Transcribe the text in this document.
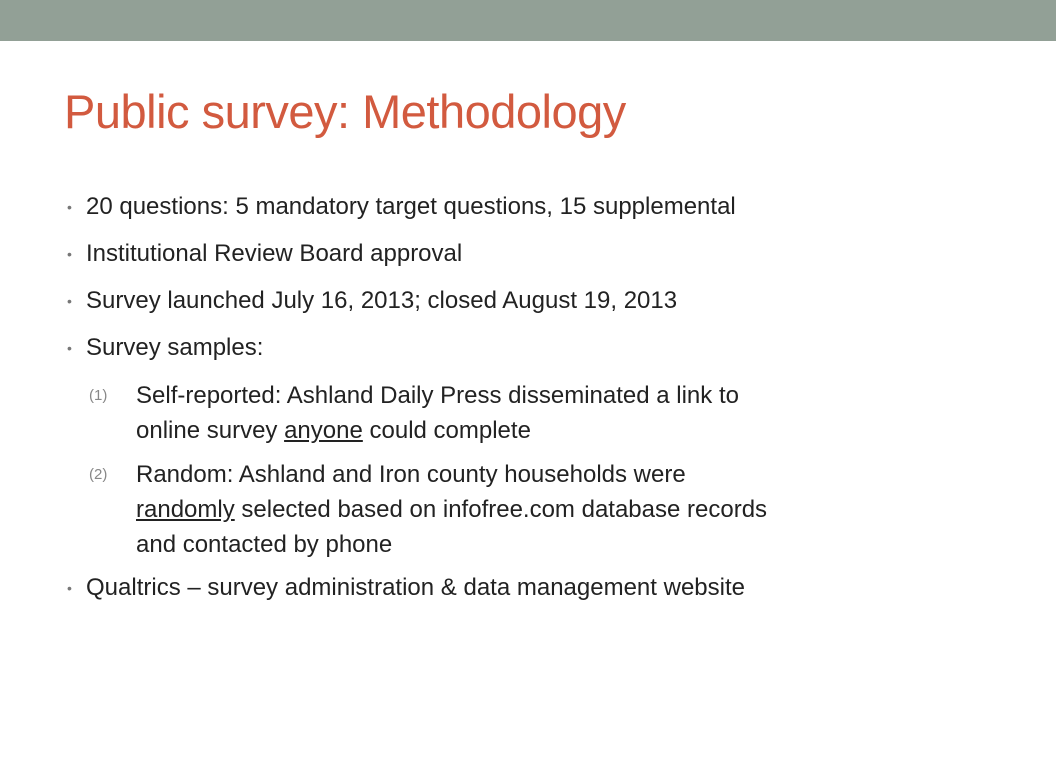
Public survey: Methodology
• 20 questions: 5 mandatory target questions, 15 supplemental
• Institutional Review Board approval
• Survey launched July 16, 2013; closed August 19, 2013
• Survey samples:
(1) Self-reported: Ashland Daily Press disseminated a link to
online survey anyone could complete
(2) Random: Ashland and Iron county households were
randomly selected based on infofree.com database records
and contacted by phone
• Qualtrics – survey administration & data management website
